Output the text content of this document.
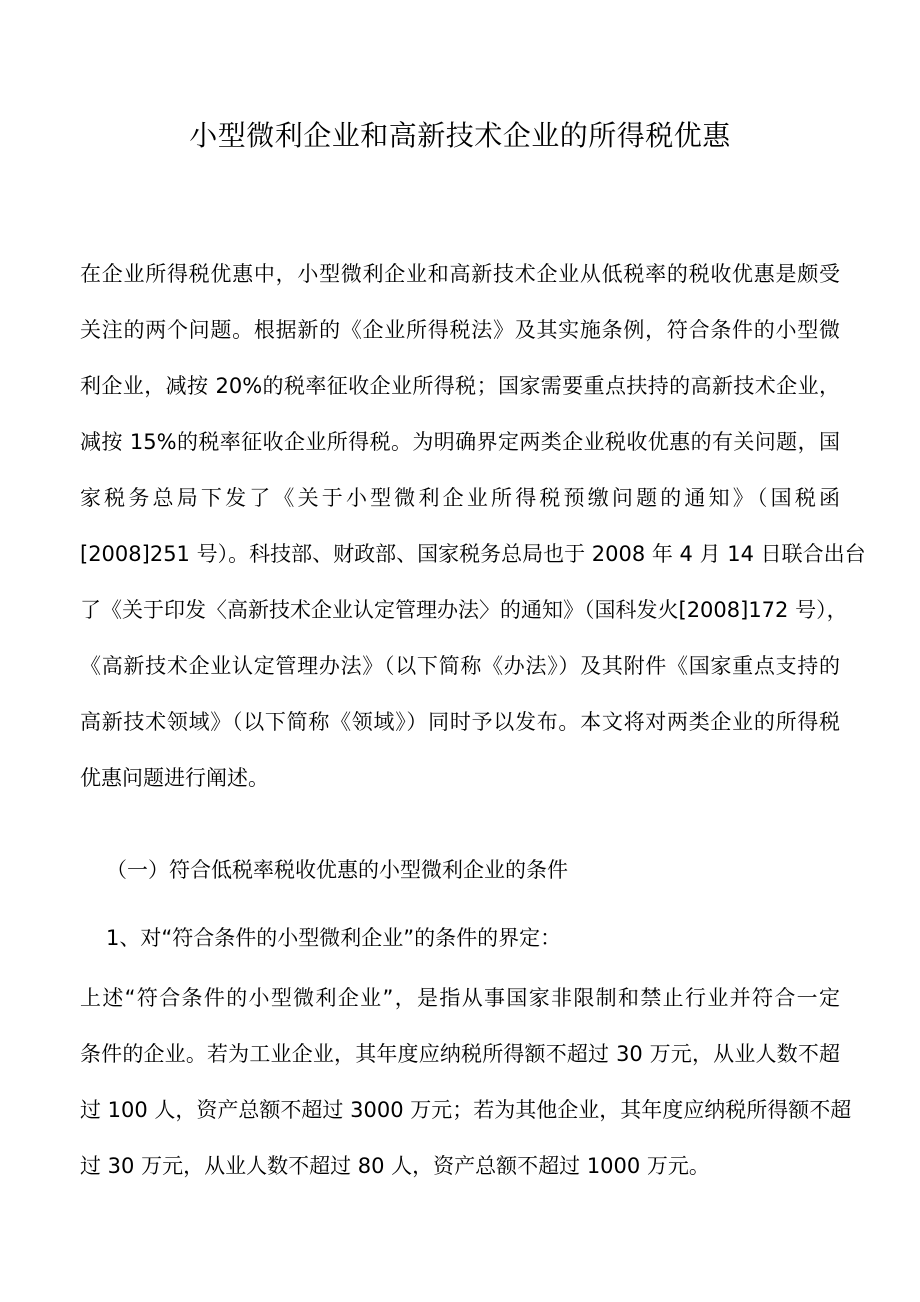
小型微利企业和高新技术企业的所得税优惠
在企业所得税优惠中，小型微利企业和高新技术企业从低税率的税收优惠是颇受
关注的两个问题。根据新的《企业所得税法》及其实施条例，符合条件的小型微
利企业，减按 20%的税率征收企业所得税；国家需要重点扶持的高新技术企业，
减按 15%的税率征收企业所得税。为明确界定两类企业税收优惠的有关问题，国
家税务总局下发了《关于小型微利企业所得税预缴问题的通知》（国税函
[2008]251 号）。科技部、财政部、国家税务总局也于 2008 年 4 月 14 日联合出台
了《关于印发〈高新技术企业认定管理办法〉的通知》（国科发火[2008]172 号），
《高新技术企业认定管理办法》（以下简称《办法》）及其附件《国家重点支持的
高新技术领域》（以下简称《领域》）同时予以发布。本文将对两类企业的所得税
优惠问题进行阐述。
（一）符合低税率税收优惠的小型微利企业的条件
1、对“符合条件的小型微利企业”的条件的界定：
上述“符合条件的小型微利企业”，是指从事国家非限制和禁止行业并符合一定
条件的企业。若为工业企业，其年度应纳税所得额不超过 30 万元，从业人数不超
过 100 人，资产总额不超过 3000 万元；若为其他企业，其年度应纳税所得额不超
过 30 万元，从业人数不超过 80 人，资产总额不超过 1000 万元。
